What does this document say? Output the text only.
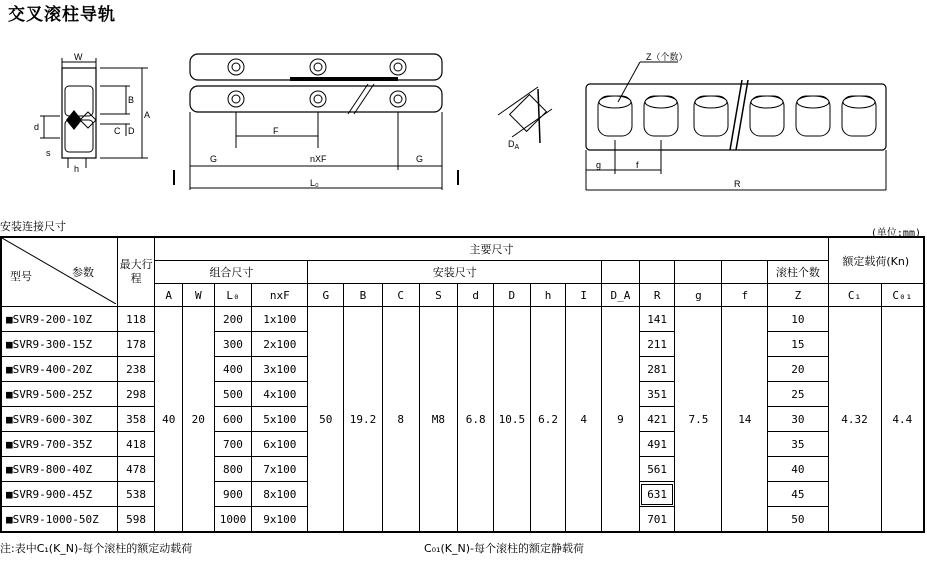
交叉滚柱导轨
W
B
A
C D
d
s
h
F
G	nXF	G
L₀
$D_A$
Z（个数）
g	f
R
安装连接尺寸
(单位:mm)
型号 参数	最大行程	主要尺寸																	额定载荷(Kn)	
		组合尺寸				安装尺寸												滚柱个数		
		A	W	L₀	nxF	G	B	C	S	d	D	h	I	D_A	R	g	f	Z	C₁	C₀₁
■SVR9-200-10Z	118	40	20	200	1x100	50	19.2	8	M8	6.8	10.5	6.2	4	9	141	7.5	14	10	4.32	4.4
■SVR9-300-15Z	178			300	2x100										211			15		
■SVR9-400-20Z	238			400	3x100										281			20		
■SVR9-500-25Z	298			500	4x100										351			25		
■SVR9-600-30Z	358			600	5x100										421			30		
■SVR9-700-35Z	418			700	6x100										491			35		
■SVR9-800-40Z	478			800	7x100										561			40		
■SVR9-900-45Z	538			900	8x100										631			45		
■SVR9-1000-50Z	598			1000	9x100										701			50		
注:表中C₁(K_N)-每个滚柱的额定动载荷	C₀₁(K_N)-每个滚柱的额定静载荷
